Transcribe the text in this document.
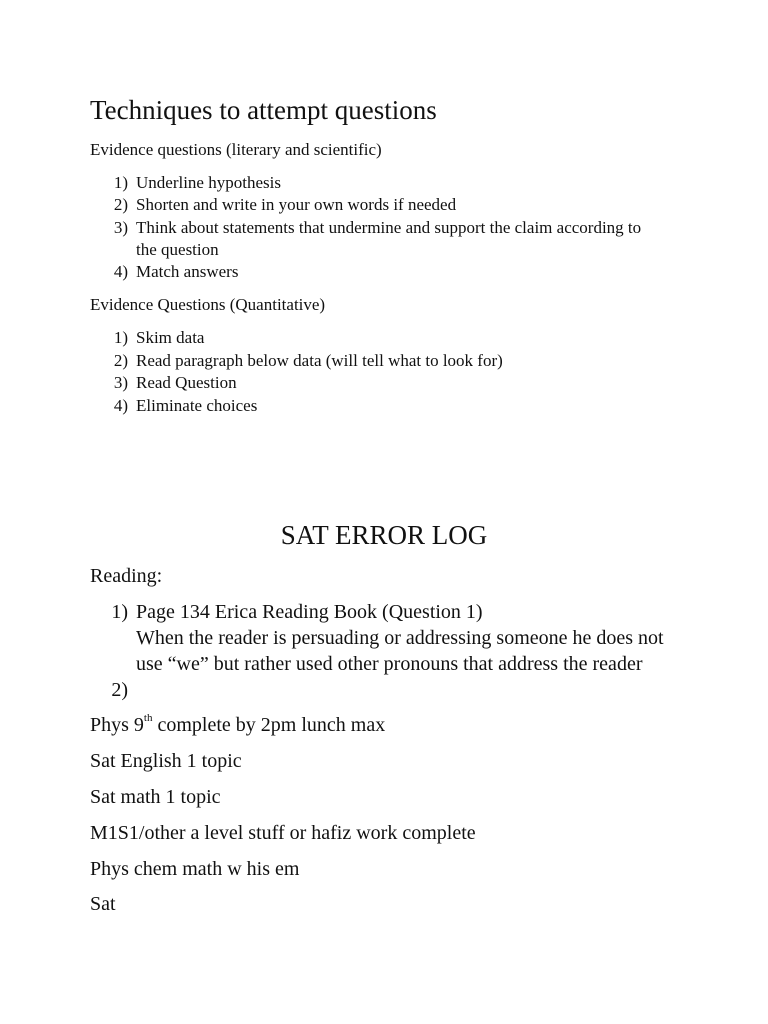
Techniques to attempt questions
Evidence questions (literary and scientific)
1) Underline hypothesis
2) Shorten and write in your own words if needed
3) Think about statements that undermine and support the claim according to
the question
4) Match answers
Evidence Questions (Quantitative)
1) Skim data
2) Read paragraph below data (will tell what to look for)
3) Read Question
4) Eliminate choices
SAT ERROR LOG
Reading:
1) Page 134 Erica Reading Book (Question 1)
When the reader is persuading or addressing someone he does not
use “we” but rather used other pronouns that address the reader
2)
Phys 9th complete by 2pm lunch max
Sat English 1 topic
Sat math 1 topic
M1S1/other a level stuff or hafiz work complete
Phys chem math w his em
Sat
